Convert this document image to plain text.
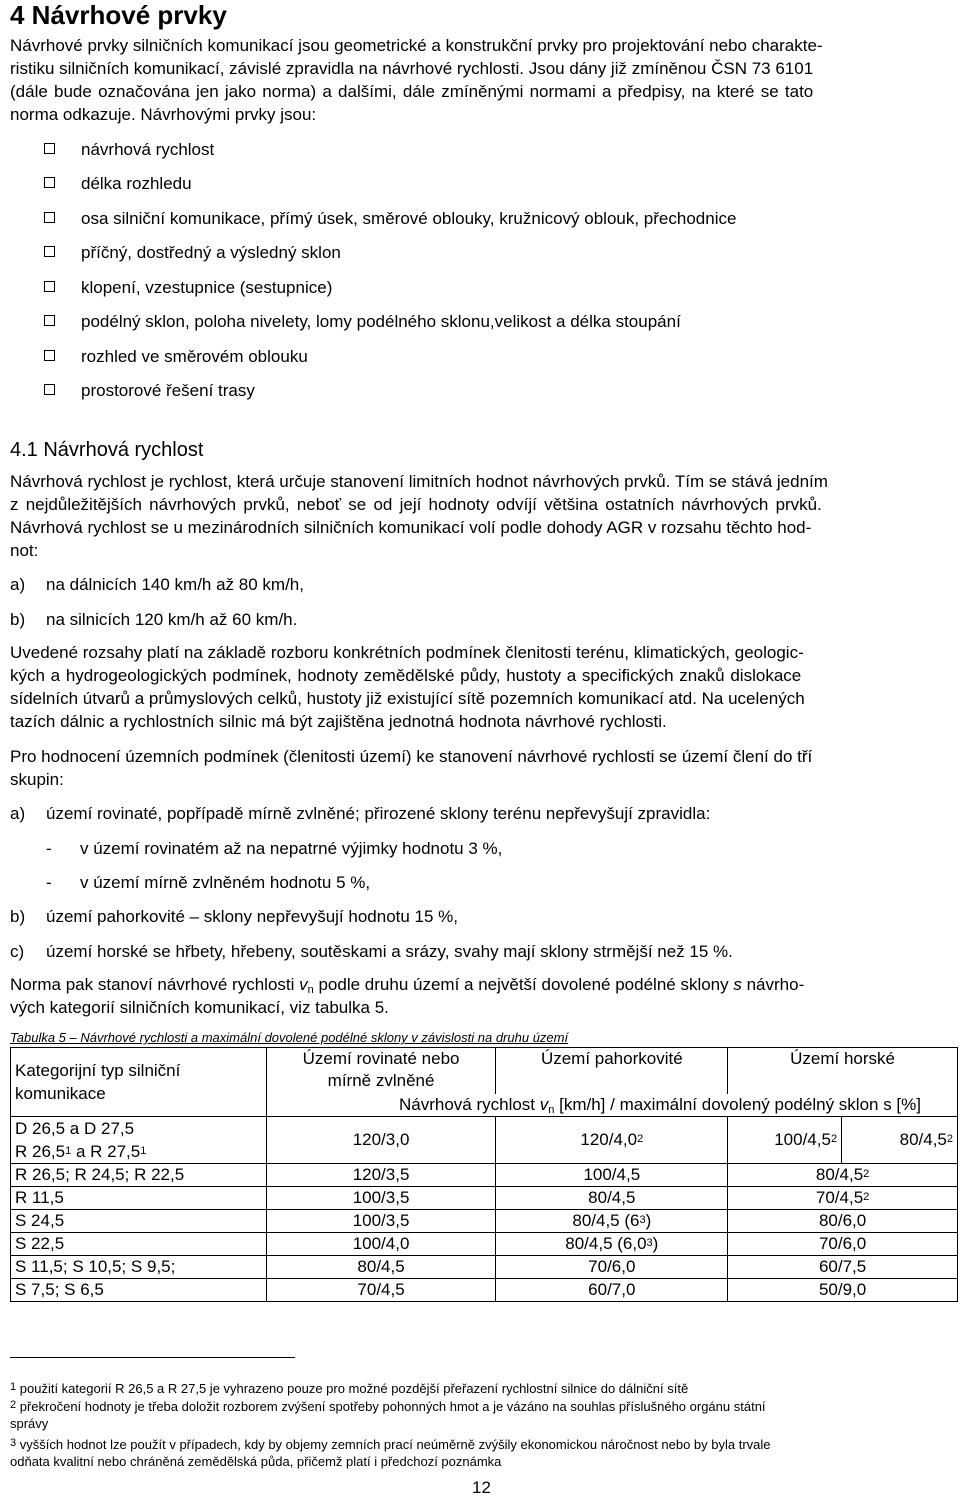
4 Návrhové prvky

Návrhové prvky silničních komunikací jsou geometrické a konstrukční prvky pro projektování nebo charakte-

ristiku silničních komunikací, závislé zpravidla na návrhové rychlosti. Jsou dány již zmíněnou ČSN 73 6101

(dále bude označována jen jako norma) a dalšími, dále zmíněnými normami a předpisy, na které se tato

norma odkazuje. Návrhovými prvky jsou:

návrhová rychlost
délka rozhledu
osa silniční komunikace, přímý úsek, směrové oblouky, kružnicový oblouk, přechodnice
příčný, dostředný a výsledný sklon
klopení, vzestupnice (sestupnice)
podélný sklon, poloha nivelety, lomy podélného sklonu,velikost a délka stoupání
rozhled ve směrovém oblouku
prostorové řešení trasy
4.1 Návrhová rychlost

Návrhová rychlost je rychlost, která určuje stanovení limitních hodnot návrhových prvků. Tím se stává jedním

z nejdůležitějších návrhových prvků, neboť se od její hodnoty odvíjí většina ostatních návrhových prvků.

Návrhová rychlost se u mezinárodních silničních komunikací volí podle dohody AGR v rozsahu těchto hod-

not:

a) na dálnicích 140 km/h až 80 km/h,
b) na silnicích 120 km/h až 60 km/h.

Uvedené rozsahy platí na základě rozboru konkrétních podmínek členitosti terénu, klimatických, geologic-

kých a hydrogeologických podmínek, hodnoty zemědělské půdy, hustoty a specifických znaků dislokace

sídelních útvarů a průmyslových celků, hustoty již existující sítě pozemních komunikací atd. Na ucelených

tazích dálnic a rychlostních silnic má být zajištěna jednotná hodnota návrhové rychlosti.

Pro hodnocení územních podmínek (členitosti území) ke stanovení návrhové rychlosti se území člení do tří

skupin:

a) území rovinaté, popřípadě mírně zvlněné; přirozené sklony terénu nepřevyšují zpravidla:
- v území rovinatém až na nepatrné výjimky hodnotu 3 %,
- v území mírně zvlněném hodnotu 5 %,
b) území pahorkovité – sklony nepřevyšují hodnotu 15 %,
c) území horské se hřbety, hřebeny, soutěskami a srázy, svahy mají sklony strmější než 15 %.

Norma pak stanoví návrhové rychlosti $v_n$ podle druhu území a největší dovolené podélné sklony s návrho-

vých kategorií silničních komunikací, viz tabulka 5.

Tabulka 5 – Návrhové rychlosti a maximální dovolené podélné sklony v závislosti na druhu území
Kategorijní typ silniční komunikace	Území rovinaté nebo mírně zvlněné	Území pahorkovité	Území horské	
	Návrhová rychlost $v_n$ [km/h] / maximální dovolený podélný sklon s [%]			
D 26,5 a D 27,5
R 26,5$^1$ a R 27,5$^1$	120/3,0	$120/4,0^2$	$100/4,5^2$	$80/4,5^2$
R 26,5; R 24,5; R 22,5	120/3,5	100/4,5	$80/4,5^2$
R 11,5	100/3,5	80/4,5	$70/4,5^2$
S 24,5	100/3,5	80/4,5 $(6^3)$	80/6,0	
S 22,5	100/4,0	80/4,5 $(6,0^3)$	70/6,0	
S 11,5; S 10,5; S 9,5;	80/4,5	70/6,0	60/7,5	
S 7,5; S 6,5	70/4,5	60/7,0	50/9,0	
$^1$ použití kategorií R 26,5 a R 27,5 je vyhrazeno pouze pro možné pozdější přeřazení rychlostní silnice do dálniční sítě
$^2$ překročení hodnoty je třeba doložit rozborem zvýšení spotřeby pohonných hmot a je vázáno na souhlas příslušného orgánu státní
správy
$^3$ vyšších hodnot lze použít v případech, kdy by objemy zemních prací neúměrně zvýšily ekonomickou náročnost nebo by byla trvale
odňata kvalitní nebo chráněná zemědělská půda, přičemž platí i předchozí poznámka
12
